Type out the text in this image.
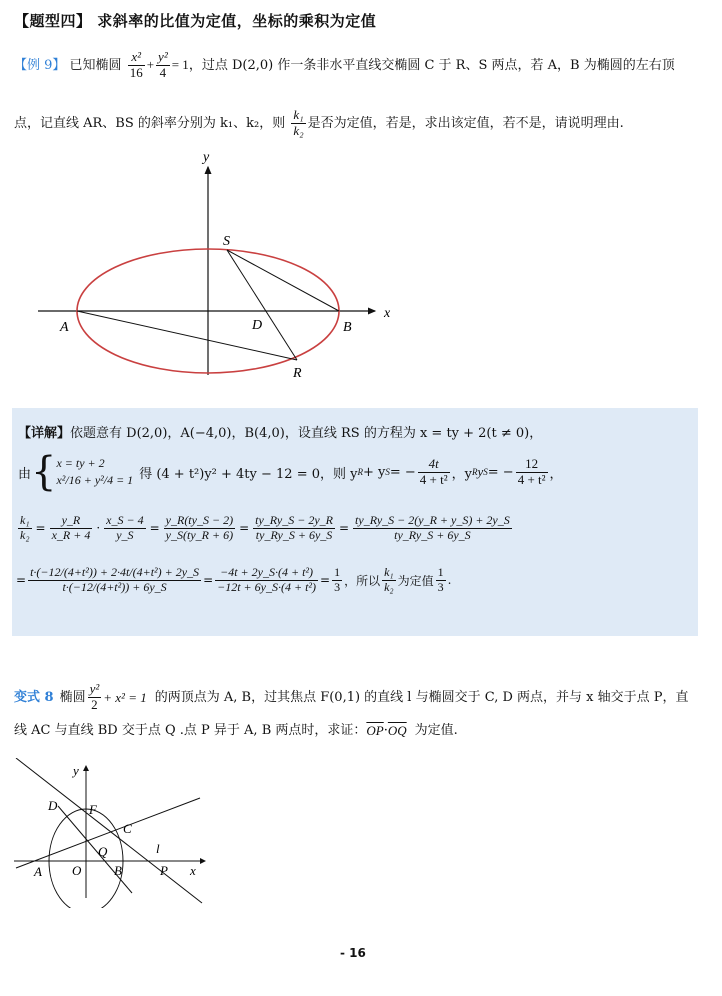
【题型四】 求斜率的比值为定值，坐标的乘积为定值
【例 9】 已知椭圆 $\frac{\text{x²}}{16} + \frac{\text{y²}}{4} = 1$，过点 D(2,0) 作一条非水平直线交椭圆 C 于 R、S 两点，若 A，B 为椭圆的左右顶
点，记直线 AR、BS 的斜率分别为 k₁、k₂，则 $\frac{\text{k₁}}{\text{k₂}}$ 是否为定值，若是，求出该定值，若不是，请说明理由.
y
x
S
A	D	B
R
【详解】依题意有 D(2,0)，A(−4,0)，B(4,0)，设直线 RS 的方程为 x = ty + 2(t ≠ 0)，
由 { x = ty + 2
x²/16 + y²/4 = 1 得 (4 + t²)y² + 4ty − 12 = 0，则 y R + y S = − $\frac{4t}{\text{4 + t²}}$ ，y R y S = − $\frac{12}{\text{4 + t²}}$ ，
$\frac{\text{k₁}}{\text{k₂}} = \frac{y\_R}{x\_R + 4} \cdot \frac{x\_S - 4}{y\_S} = \frac{y\_R(ty\_S - 2)}{y\_S(ty\_R + 6)} = \frac{ty\_Ry\_S - 2y\_R}{ty\_Ry\_S + 6y\_S} = \frac{ty\_Ry\_S - 2(y\_R + y\_S) + 2y\_S}{ty\_Ry\_S + 6y\_S}$
= $\frac{\text{t·(−12/(4+t²)) + 2·4t/(4+t²) + 2y\_S}}{\text{t·(−12/(4+t²)) + 6y\_S}} = \frac{\text{−4t + 2y\_S·(4 + t²)}}{\text{−12t + 6y\_S·(4 + t²)}} = \frac{1}{3}$ ，所以 $\frac{\text{k₁}}{\text{k₂}}$ 为定值 $\frac{1}{3}$ .
变式 8 椭圆 $\frac{\text{y²}}{2} + x^2 = 1$ 的两顶点为 A, B，过其焦点 F(0,1) 的直线 l 与椭圆交于 C, D 两点，并与 x 轴交于点 P，直
线 AC 与直线 BD 交于点 Q .点 P 异于 A, B 两点时，求证： $\overline{OP} \cdot \overline{OQ}$ 为定值.
y
x
D F
C
Q	l
A O	B	P
- 16
